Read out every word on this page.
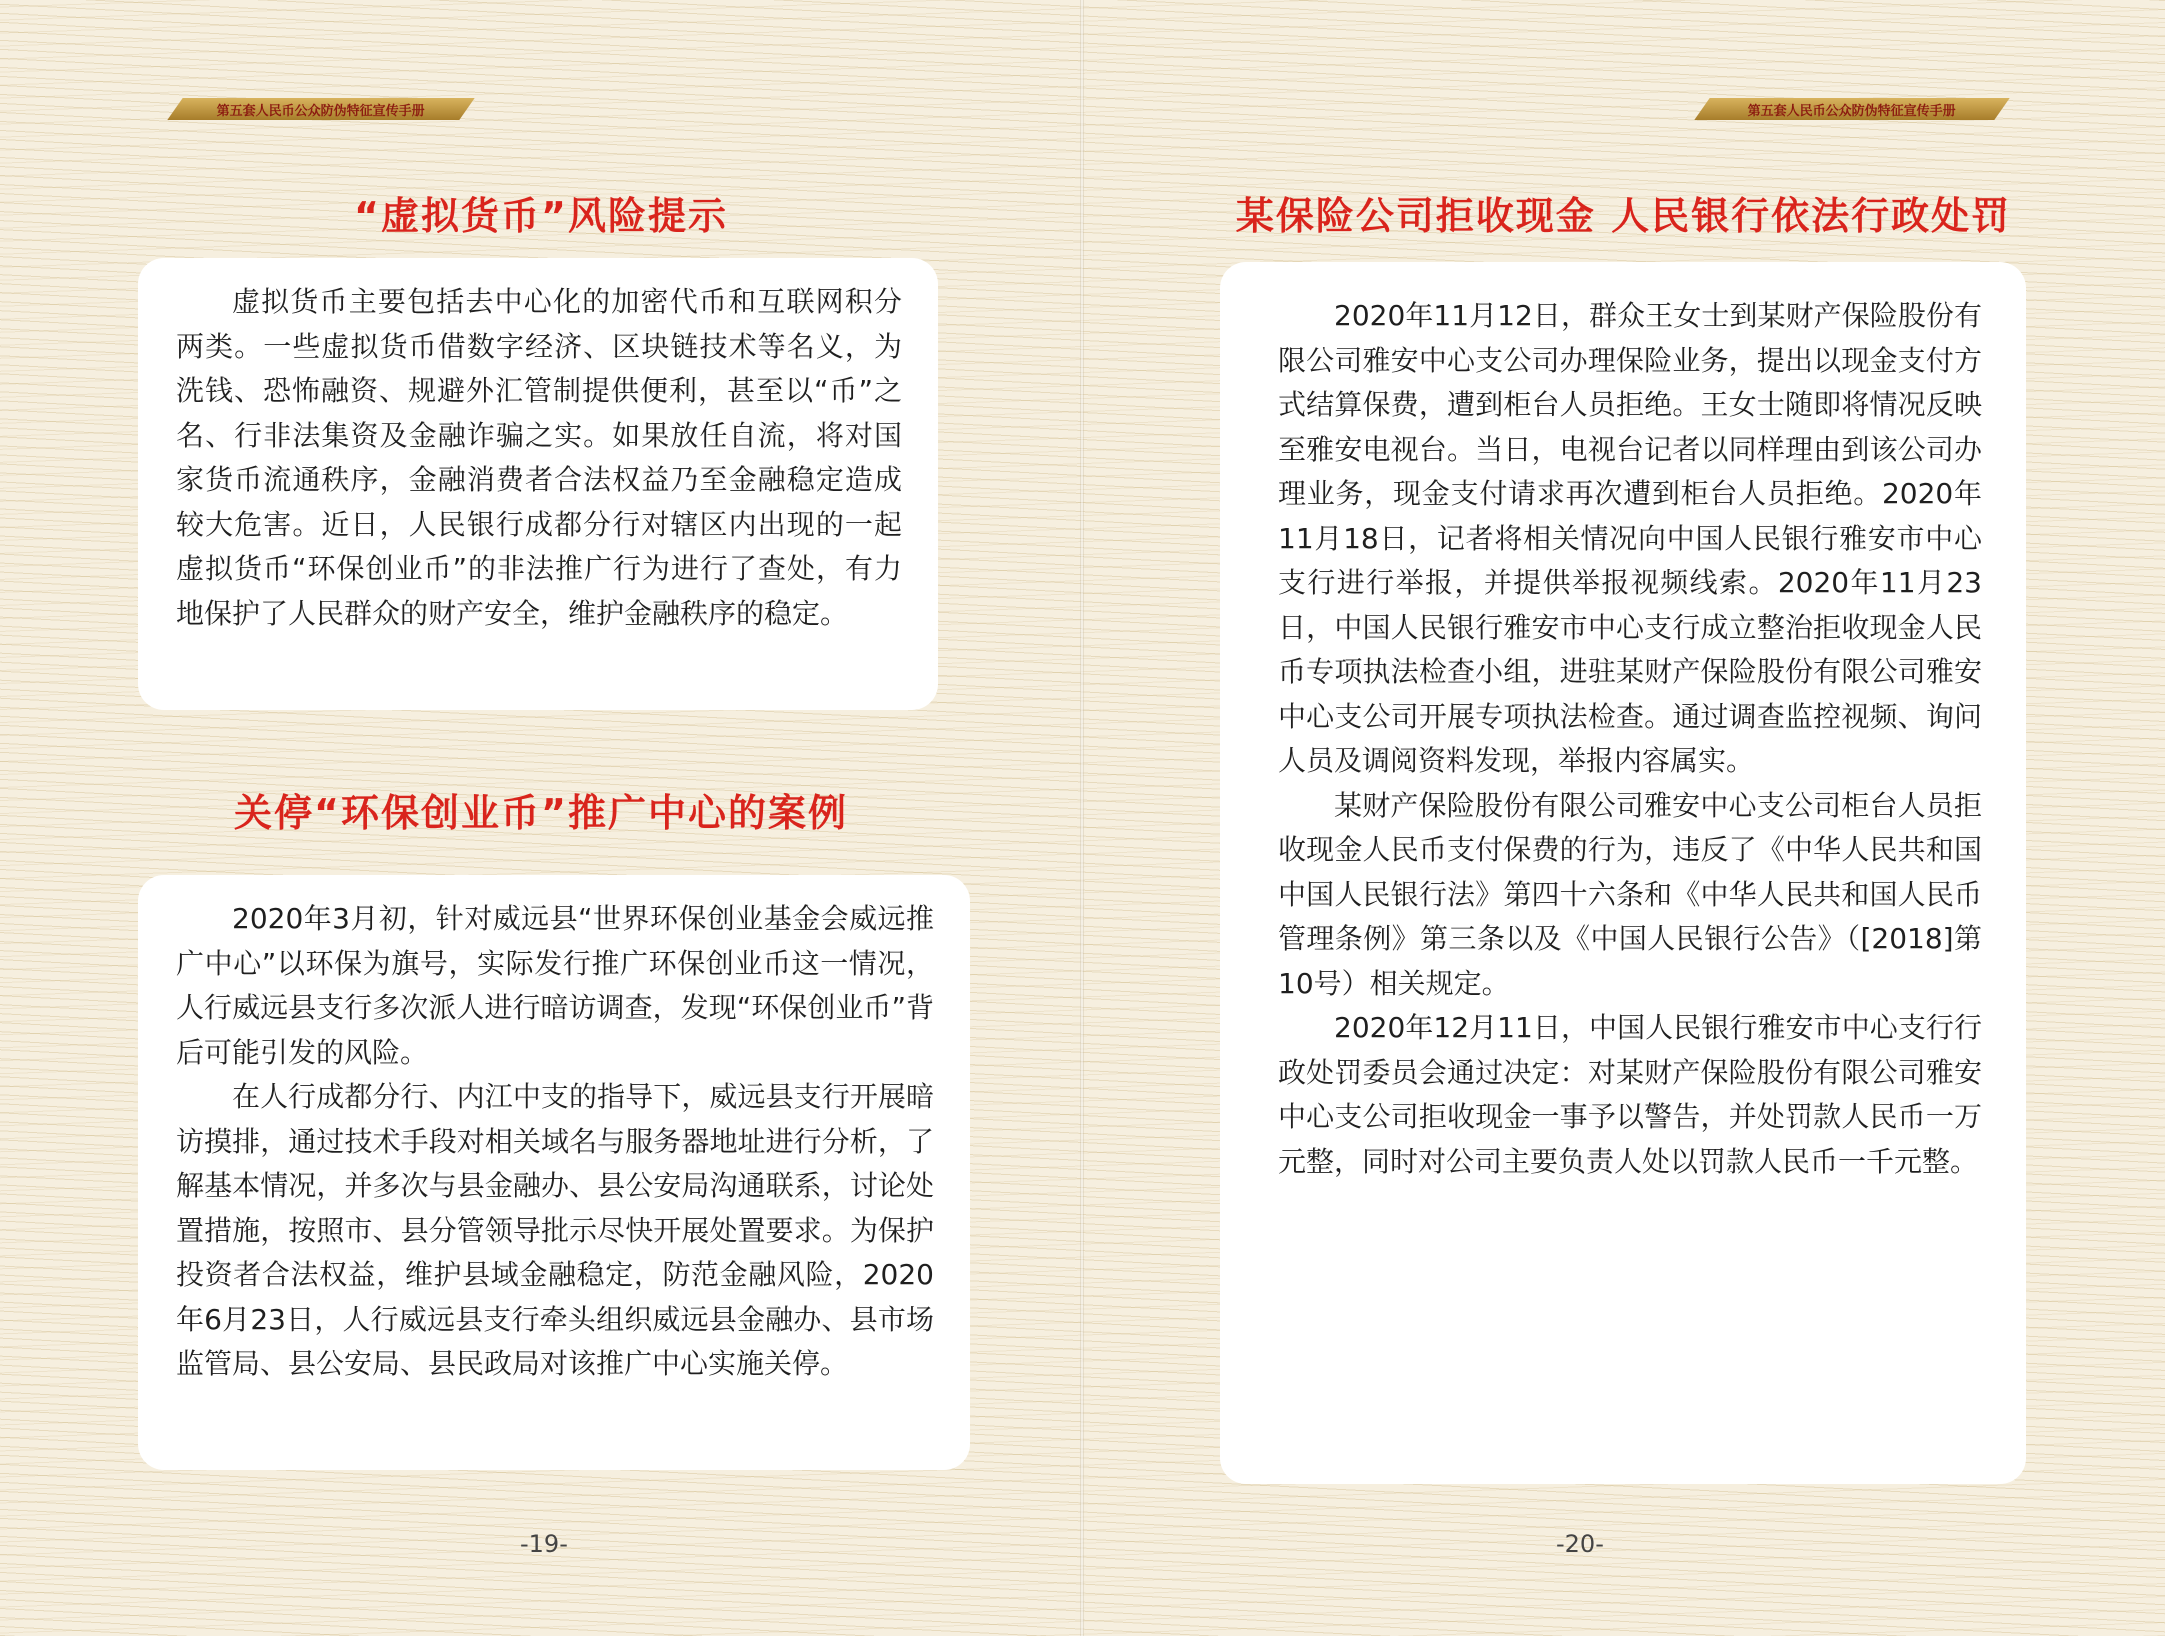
第五套人民币公众防伪特征宣传手册
“虚拟货币”风险提示

虚拟货币主要包括去中心化的加密代币和互联网积分两类。一些虚拟货币借数字经济、区块链技术等名义，为洗钱、恐怖融资、规避外汇管制提供便利，甚至以“币”之名、行非法集资及金融诈骗之实。如果放任自流，将对国家货币流通秩序，金融消费者合法权益乃至金融稳定造成较大危害。近日，人民银行成都分行对辖区内出现的一起虚拟货币“环保创业币”的非法推广行为进行了查处，有力地保护了人民群众的财产安全，维护金融秩序的稳定。

关停“环保创业币”推广中心的案例

2020年3月初，针对威远县“世界环保创业基金会威远推广中心”以环保为旗号，实际发行推广环保创业币这一情况，人行威远县支行多次派人进行暗访调查，发现“环保创业币”背后可能引发的风险。

在人行成都分行、内江中支的指导下，威远县支行开展暗访摸排，通过技术手段对相关域名与服务器地址进行分析，了解基本情况，并多次与县金融办、县公安局沟通联系，讨论处置措施，按照市、县分管领导批示尽快开展处置要求。为保护投资者合法权益，维护县域金融稳定，防范金融风险，2020年6月23日，人行威远县支行牵头组织威远县金融办、县市场监管局、县公安局、县民政局对该推广中心实施关停。

-19-
第五套人民币公众防伪特征宣传手册
某保险公司拒收现金 人民银行依法行政处罚

2020年11月12日，群众王女士到某财产保险股份有限公司雅安中心支公司办理保险业务，提出以现金支付方式结算保费，遭到柜台人员拒绝。王女士随即将情况反映至雅安电视台。当日，电视台记者以同样理由到该公司办理业务，现金支付请求再次遭到柜台人员拒绝。2020年11月18日，记者将相关情况向中国人民银行雅安市中心支行进行举报，并提供举报视频线索。2020年11月23日，中国人民银行雅安市中心支行成立整治拒收现金人民币专项执法检查小组，进驻某财产保险股份有限公司雅安中心支公司开展专项执法检查。通过调查监控视频、询问人员及调阅资料发现，举报内容属实。

某财产保险股份有限公司雅安中心支公司柜台人员拒收现金人民币支付保费的行为，违反了《中华人民共和国中国人民银行法》第四十六条和《中华人民共和国人民币管理条例》第三条以及《中国人民银行公告》（[2018]第10号）相关规定。

2020年12月11日，中国人民银行雅安市中心支行行政处罚委员会通过决定：对某财产保险股份有限公司雅安中心支公司拒收现金一事予以警告，并处罚款人民币一万元整，同时对公司主要负责人处以罚款人民币一千元整。

-20-
